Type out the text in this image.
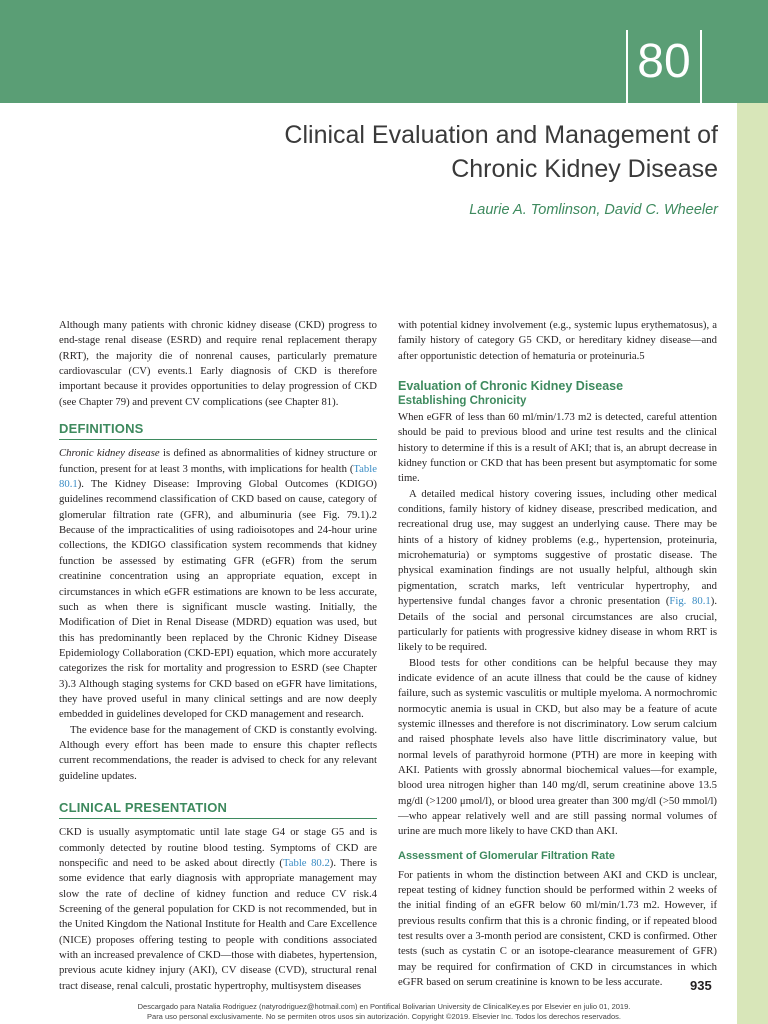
80
Clinical Evaluation and Management of
Chronic Kidney Disease
Laurie A. Tomlinson, David C. Wheeler

Although many patients with chronic kidney disease (CKD) progress to end-stage renal disease (ESRD) and require renal replacement therapy (RRT), the majority die of nonrenal causes, particularly premature cardiovascular (CV) events.1 Early diagnosis of CKD is therefore important because it provides opportunities to delay progression of CKD (see Chapter 79) and prevent CV complications (see Chapter 81).

DEFINITIONS

Chronic kidney disease is defined as abnormalities of kidney structure or function, present for at least 3 months, with implications for health (Table 80.1). The Kidney Disease: Improving Global Outcomes (KDIGO) guidelines recommend classification of CKD based on cause, category of glomerular filtration rate (GFR), and albuminuria (see Fig. 79.1).2 Because of the impracticalities of using radioisotopes and 24-hour urine collections, the KDIGO classification system recommends that kidney function be assessed by estimating GFR (eGFR) from the serum creatinine concentration using an appropriate equation, except in circumstances in which eGFR estimations are known to be less accurate, such as when there is significant muscle wasting. Initially, the Modification of Diet in Renal Disease (MDRD) equation was used, but this has predominantly been replaced by the Chronic Kidney Disease Epidemiology Collaboration (CKD-EPI) equation, which more accurately categorizes the risk for mortality and progression to ESRD (see Chapter 3).3 Although staging systems for CKD based on eGFR have limitations, they have proved useful in many clinical settings and are now deeply embedded in guidelines developed for CKD management and research.

The evidence base for the management of CKD is constantly evolving. Although every effort has been made to ensure this chapter reflects current recommendations, the reader is advised to check for any relevant guideline updates.

CLINICAL PRESENTATION

CKD is usually asymptomatic until late stage G4 or stage G5 and is commonly detected by routine blood testing. Symptoms of CKD are nonspecific and need to be asked about directly (Table 80.2). There is some evidence that early diagnosis with appropriate management may slow the rate of decline of kidney function and reduce CV risk.4 Screening of the general population for CKD is not recommended, but in the United Kingdom the National Institute for Health and Care Excellence (NICE) proposes offering testing to people with conditions associated with an increased prevalence of CKD—those with diabetes, hypertension, previous acute kidney injury (AKI), CV disease (CVD), structural renal tract disease, renal calculi, prostatic hypertrophy, multisystem diseases

with potential kidney involvement (e.g., systemic lupus erythematosus), a family history of category G5 CKD, or hereditary kidney disease—and after opportunistic detection of hematuria or proteinuria.5

Evaluation of Chronic Kidney Disease
Establishing Chronicity

When eGFR of less than 60 ml/min/1.73 m2 is detected, careful attention should be paid to previous blood and urine test results and the clinical history to determine if this is a result of AKI; that is, an abrupt decrease in kidney function or CKD that has been present but asymptomatic for some time.

A detailed medical history covering issues, including other medical conditions, family history of kidney disease, prescribed medication, and recreational drug use, may suggest an underlying cause. There may be hints of a history of kidney problems (e.g., hypertension, proteinuria, microhematuria) or symptoms suggestive of prostatic disease. The physical examination findings are not usually helpful, although skin pigmentation, scratch marks, left ventricular hypertrophy, and hypertensive fundal changes favor a chronic presentation (Fig. 80.1). Details of the social and personal circumstances are also crucial, particularly for patients with progressive kidney disease in whom RRT is likely to be required.

Blood tests for other conditions can be helpful because they may indicate evidence of an acute illness that could be the cause of kidney failure, such as systemic vasculitis or multiple myeloma. A normochromic normocytic anemia is usual in CKD, but also may be a feature of acute systemic illnesses and therefore is not discriminatory. Low serum calcium and raised phosphate levels also have little discriminatory value, but normal levels of parathyroid hormone (PTH) are more in keeping with AKI. Patients with grossly abnormal biochemical values—for example, blood urea nitrogen higher than 140 mg/dl, serum creatinine above 13.5 mg/dl (>1200 μmol/l), or blood urea greater than 300 mg/dl (>50 mmol/l)—who appear relatively well and are still passing normal volumes of urine are much more likely to have CKD than AKI.

Assessment of Glomerular Filtration Rate

For patients in whom the distinction between AKI and CKD is unclear, repeat testing of kidney function should be performed within 2 weeks of the initial finding of an eGFR below 60 ml/min/1.73 m2. However, if previous results confirm that this is a chronic finding, or if repeated blood test results over a 3-month period are consistent, CKD is confirmed. Other tests (such as cystatin C or an isotope-clearance measurement of GFR) may be required for confirmation of CKD in circumstances in which eGFR based on serum creatinine is known to be less accurate.	935
Descargado para Natalia Rodriguez (natyrodriguez@hotmail.com) en Pontifical Bolivarian University de ClinicalKey.es por Elsevier en julio 01, 2019.
Para uso personal exclusivamente. No se permiten otros usos sin autorización. Copyright ©2019. Elsevier Inc. Todos los derechos reservados.
